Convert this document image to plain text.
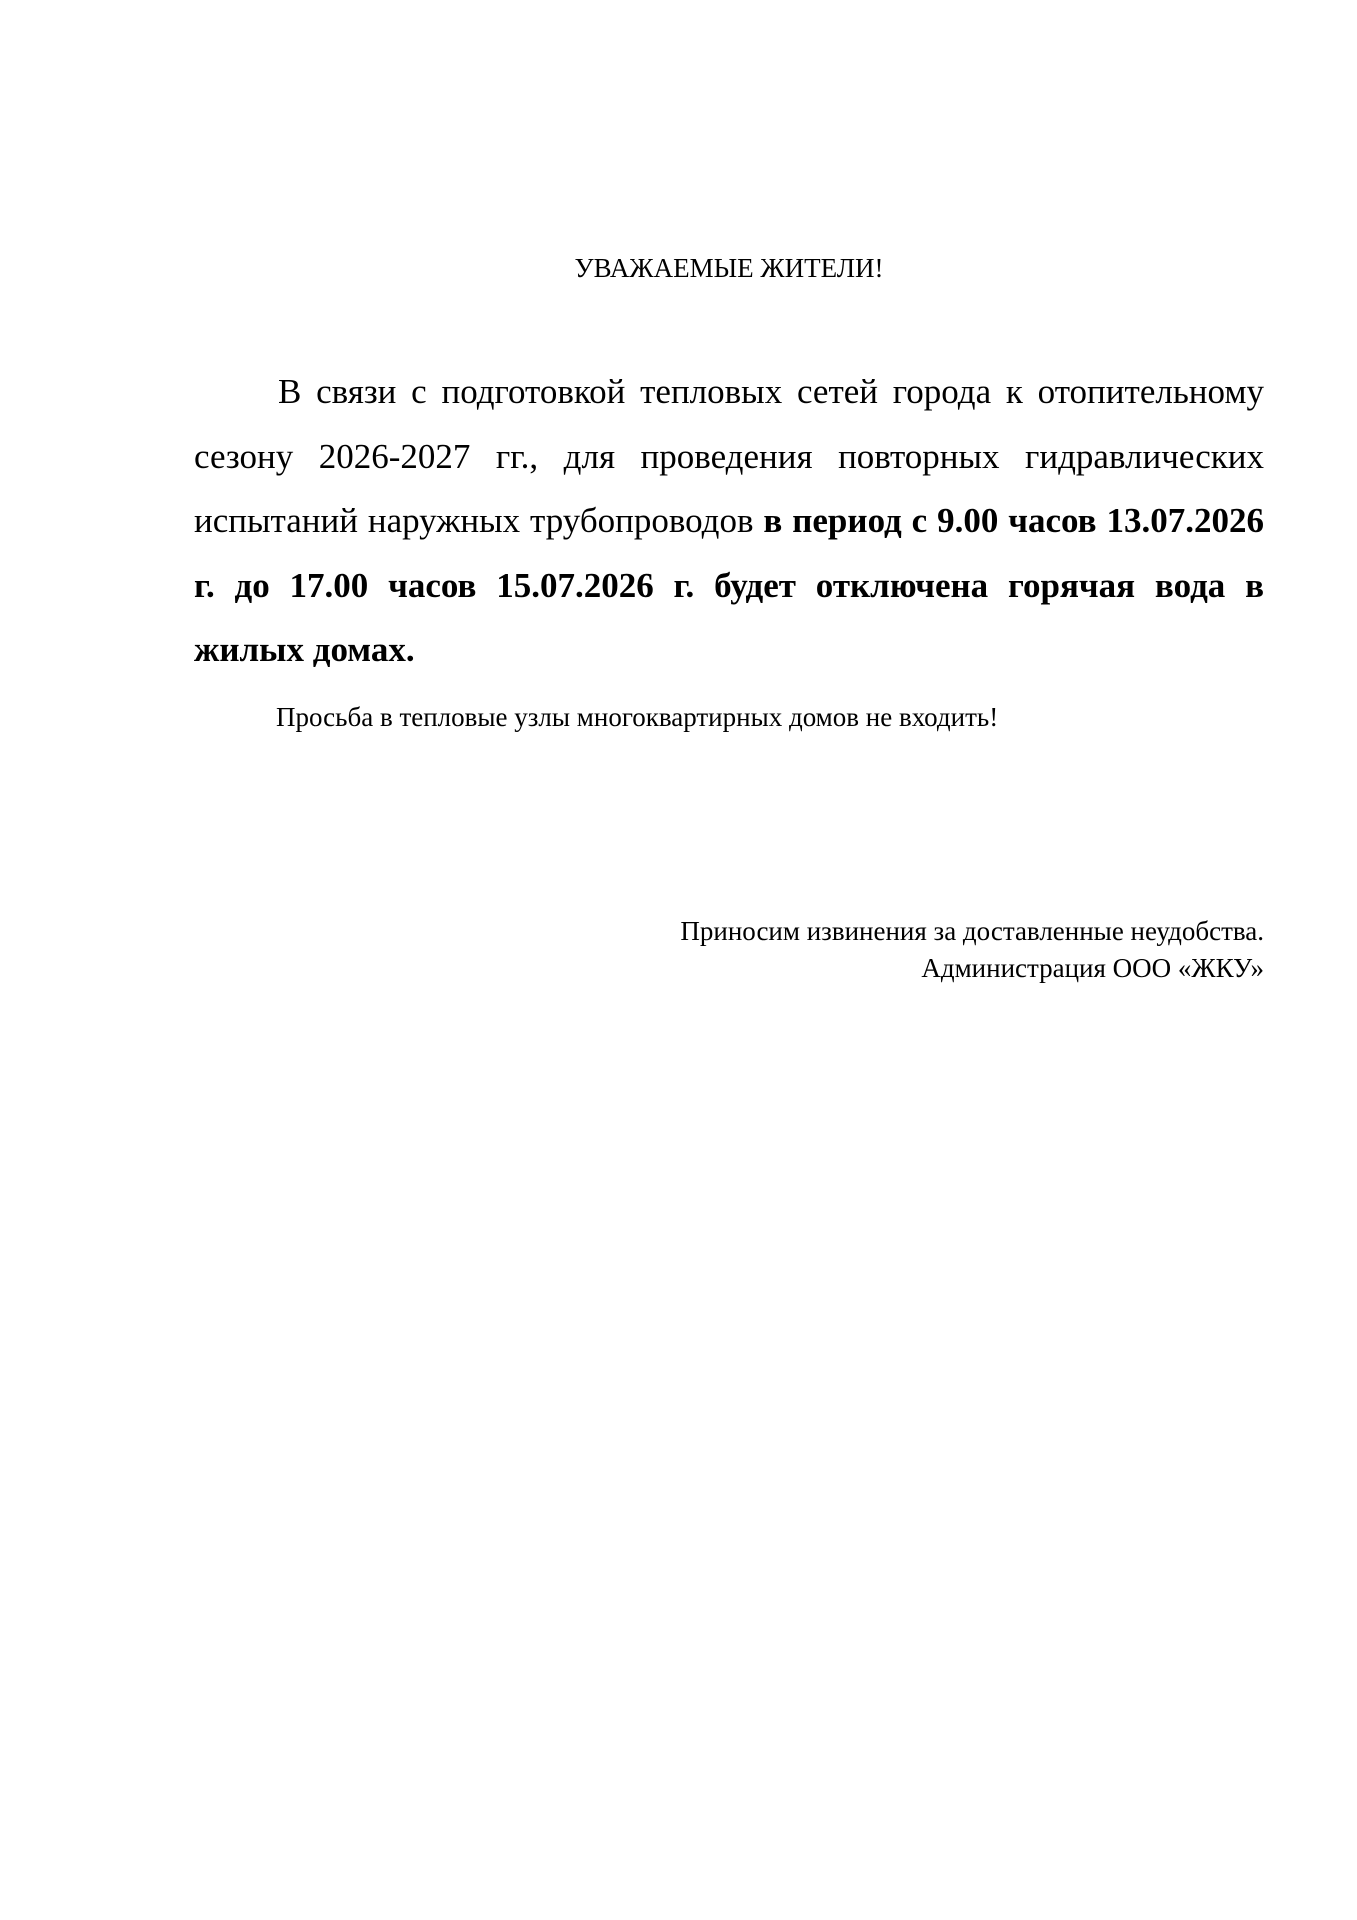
УВАЖАЕМЫЕ ЖИТЕЛИ!

В связи с подготовкой тепловых сетей города к отопительному сезону 2026-2027 гг., для проведения повторных гидравлических испытаний наружных трубопроводов в период с 9.00 часов 13.07.2026 г. до 17.00 часов 15.07.2026 г. будет отключена горячая вода в жилых домах.

Просьба в тепловые узлы многоквартирных домов не входить!
Приносим извинения за доставленные неудобства.
Администрация ООО «ЖКУ»
